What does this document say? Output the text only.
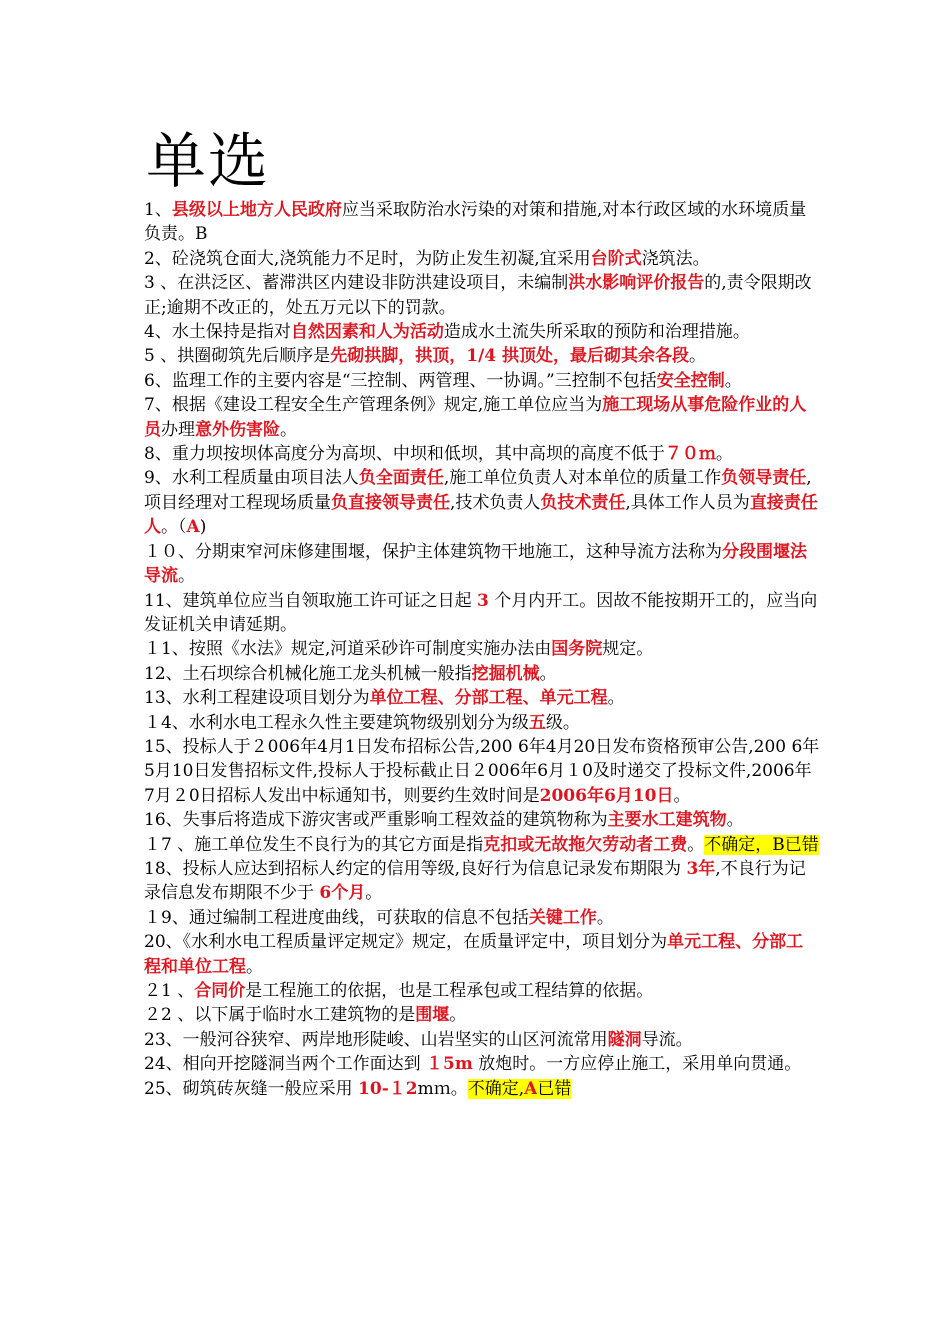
单选

1、县级以上地方人民政府应当采取防治水污染的对策和措施,对本行政区域的水环境质量负责。B

2、砼浇筑仓面大,浇筑能力不足时，为防止发生初凝,宜采用台阶式浇筑法。

3 、在洪泛区、蓄滞洪区内建设非防洪建设项目，未编制洪水影响评价报告的,责令限期改正;逾期不改正的，处五万元以下的罚款。

4、水土保持是指对自然因素和人为活动造成水土流失所采取的预防和治理措施。

5 、拱圈砌筑先后顺序是先砌拱脚，拱顶，1/4 拱顶处，最后砌其余各段。

6、监理工作的主要内容是“三控制、两管理、一协调。”三控制不包括安全控制。

7、根据《建设工程安全生产管理条例》规定,施工单位应当为施工现场从事危险作业的人员办理意外伤害险。

8、重力坝按坝体高度分为高坝、中坝和低坝，其中高坝的高度不低于７０ｍ。

9、水利工程质量由项目法人负全面责任,施工单位负责人对本单位的质量工作负领导责任,项目经理对工程现场质量负直接领导责任,技术负责人负技术责任,具体工作人员为直接责任人。（A)

１０、分期束窄河床修建围堰，保护主体建筑物干地施工，这种导流方法称为分段围堰法导流。

11、建筑单位应当自领取施工许可证之日起 3 个月内开工。因故不能按期开工的，应当向发证机关申请延期。

１1、按照《水法》规定,河道采砂许可制度实施办法由国务院规定。

12、土石坝综合机械化施工龙头机械一般指挖掘机械。

13、水利工程建设项目划分为单位工程、分部工程、单元工程。

１4、水利水电工程永久性主要建筑物级别划分为级五级。

15、投标人于２006年4月1日发布招标公告,200 6年4月20日发布资格预审公告,200 6年5月10日发售招标文件,投标人于投标截止日２006年6月１0及时递交了投标文件,2006年7月２0日招标人发出中标通知书，则要约生效时间是2006年6月10日。

16、失事后将造成下游灾害或严重影响工程效益的建筑物称为主要水工建筑物。

１7 、施工单位发生不良行为的其它方面是指克扣或无故拖欠劳动者工费。不确定，B已错

18、投标人应达到招标人约定的信用等级,良好行为信息记录发布期限为 3年,不良行为记录信息发布期限不少于 6个月。

１9、通过编制工程进度曲线，可获取的信息不包括关键工作。

20、《水利水电工程质量评定规定》规定，在质量评定中，项目划分为单元工程、分部工程和单位工程。

２1 、合同价是工程施工的依据，也是工程承包或工程结算的依据。

２2 、以下属于临时水工建筑物的是围堰。

23、一般河谷狭窄、两岸地形陡峻、山岩坚实的山区河流常用隧洞导流。

24、相向开挖隧洞当两个工作面达到 １5m 放炮时。一方应停止施工，采用单向贯通。

25、砌筑砖灰缝一般应采用 10-１2mｍ。不确定,A已错
